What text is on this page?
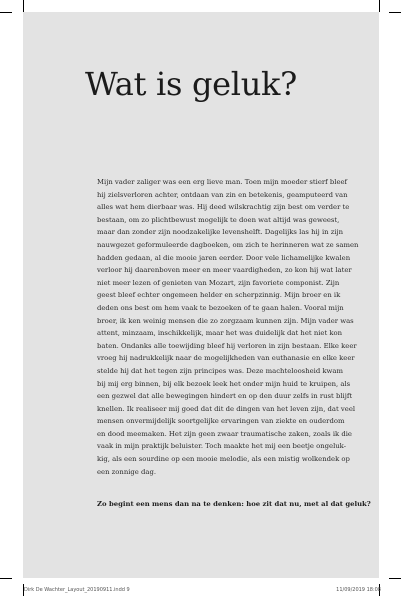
Wat is geluk?
Mijn vader zaliger was een erg lieve man. Toen mijn moeder stierf bleef
hij zielsverloren achter, ontdaan van zin en betekenis, geamputeerd van
alles wat hem dierbaar was. Hij deed wilskrachtig zijn best om verder te
bestaan, om zo plichtbewust mogelijk te doen wat altijd was geweest,
maar dan zonder zijn noodzakelijke levenshelft. Dagelijks las hij in zijn
nauwgezet geformuleerde dagboeken, om zich te herinneren wat ze samen
hadden gedaan, al die mooie jaren eerder. Door vele lichamelijke kwalen
verloor hij daarenboven meer en meer vaardigheden, zo kon hij wat later
niet meer lezen of genieten van Mozart, zijn favoriete componist. Zijn
geest bleef echter ongemeen helder en scherpzinnig. Mijn broer en ik
deden ons best om hem vaak te bezoeken of te gaan halen. Vooral mijn
broer, ik ken weinig mensen die zo zorgzaam kunnen zijn. Mijn vader was
attent, minzaam, inschikkelijk, maar het was duidelijk dat het niet kon
baten. Ondanks alle toewijding bleef hij verloren in zijn bestaan. Elke keer
vroeg hij nadrukkelijk naar de mogelijkheden van euthanasie en elke keer
stelde hij dat het tegen zijn principes was. Deze machteloosheid kwam
bij mij erg binnen, bij elk bezoek leek het onder mijn huid te kruipen, als
een gezwel dat alle bewegingen hindert en op den duur zelfs in rust blijft
knellen. Ik realiseer mij goed dat dit de dingen van het leven zijn, dat veel
mensen onvermijdelijk soortgelijke ervaringen van ziekte en ouderdom
en dood meemaken. Het zijn geen zwaar traumatische zaken, zoals ik die
vaak in mijn praktijk beluister. Toch maakte het mij een beetje ongeluk-
kig, als een sourdine op een mooie melodie, als een mistig wolkendek op
een zonnige dag.

Zo begint een mens dan na te denken: hoe zit dat nu, met al dat geluk?

Dirk De Wachter_Layout_20190911.indd 9	11/09/2019 18:08
